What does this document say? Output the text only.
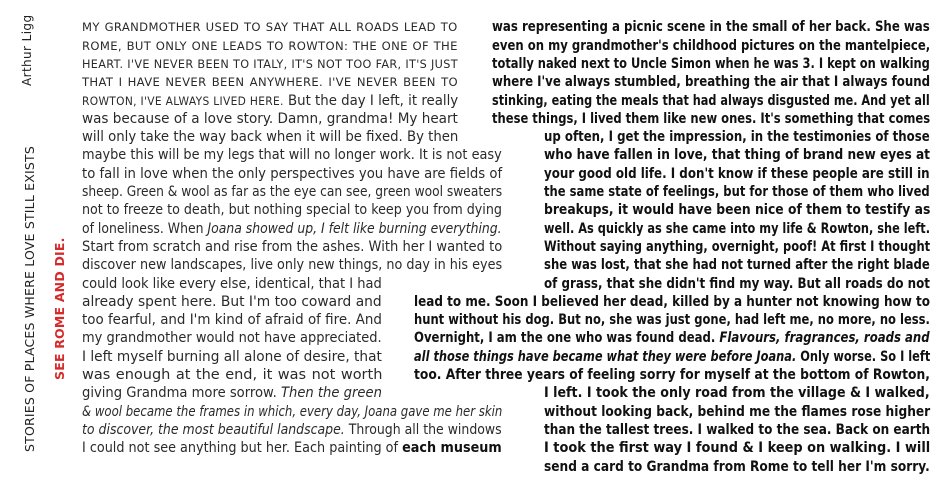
Arthur Ligg
STORIES OF PLACES WHERE LOVE STILL EXISTS SEE ROME AND DIE.
MY GRANDMOTHER USED TO SAY THAT ALL ROADS LEAD TO
ROME, BUT ONLY ONE LEADS TO ROWTON: THE ONE OF THE
HEART. I'VE NEVER BEEN TO ITALY, IT'S NOT TOO FAR, IT'S JUST
THAT I HAVE NEVER BEEN ANYWHERE. I'VE NEVER BEEN TO
ROWTON, I'VE ALWAYS LIVED HERE. But the day I left, it really
was because of a love story. Damn, grandma! My heart
will only take the way back when it will be fixed. By then
maybe this will be my legs that will no longer work. It is not easy
to fall in love when the only perspectives you have are fields of
sheep. Green & wool as far as the eye can see, green wool sweaters
not to freeze to death, but nothing special to keep you from dying
of loneliness. When Joana showed up, I felt like burning everything.
Start from scratch and rise from the ashes. With her I wanted to
discover new landscapes, live only new things, no day in his eyes
could look like every else, identical, that I had
already spent here. But I'm too coward and
too fearful, and I'm kind of afraid of fire. And
my grandmother would not have appreciated.
I left myself burning all alone of desire, that
was enough at the end, it was not worth
giving Grandma more sorrow. Then the green
& wool became the frames in which, every day, Joana gave me her skin
to discover, the most beautiful landscape. Through all the windows
I could not see anything but her. Each painting of each museum
was representing a picnic scene in the small of her back. She was
even on my grandmother's childhood pictures on the mantelpiece,
totally naked next to Uncle Simon when he was 3. I kept on walking
where I've always stumbled, breathing the air that I always found
stinking, eating the meals that had always disgusted me. And yet all
these things, I lived them like new ones. It's something that comes
up often, I get the impression, in the testimonies of those
who have fallen in love, that thing of brand new eyes at
your good old life. I don't know if these people are still in
the same state of feelings, but for those of them who lived
breakups, it would have been nice of them to testify as
well. As quickly as she came into my life & Rowton, she left.
Without saying anything, overnight, poof! At first I thought
she was lost, that she had not turned after the right blade
of grass, that she didn't find my way. But all roads do not
lead to me. Soon I believed her dead, killed by a hunter not knowing how to
hunt without his dog. But no, she was just gone, had left me, no more, no less.
Overnight, I am the one who was found dead. Flavours, fragrances, roads and
all those things have became what they were before Joana. Only worse. So I left
too. After three years of feeling sorry for myself at the bottom of Rowton,
I left. I took the only road from the village & I walked,
without looking back, behind me the flames rose higher
than the tallest trees. I walked to the sea. Back on earth
I took the first way I found & I keep on walking. I will
send a card to Grandma from Rome to tell her I'm sorry.
